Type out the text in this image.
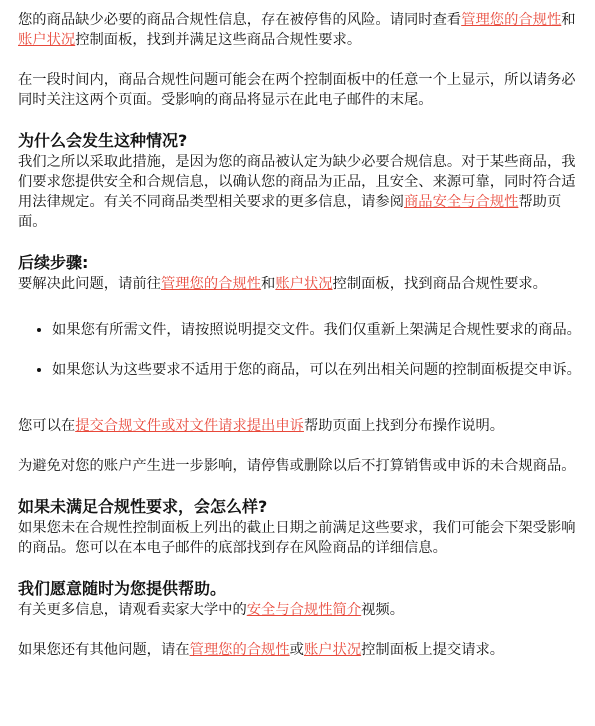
您的商品缺少必要的商品合规性信息，存在被停售的风险。请同时查看管理您的合规性和账户状况控制面板，找到并满足这些商品合规性要求。

在一段时间内，商品合规性问题可能会在两个控制面板中的任意一个上显示，所以请务必同时关注这两个页面。受影响的商品将显示在此电子邮件的末尾。

为什么会发生这种情况?

我们之所以采取此措施，是因为您的商品被认定为缺少必要合规信息。对于某些商品，我们要求您提供安全和合规信息，以确认您的商品为正品，且安全、来源可靠，同时符合适用法律规定。有关不同商品类型相关要求的更多信息，请参阅商品安全与合规性帮助页面。

后续步骤:

要解决此问题，请前往管理您的合规性和账户状况控制面板，找到商品合规性要求。

• 如果您有所需文件，请按照说明提交文件。我们仅重新上架满足合规性要求的商品。
• 如果您认为这些要求不适用于您的商品，可以在列出相关问题的控制面板提交申诉。

您可以在提交合规文件或对文件请求提出申诉帮助页面上找到分布操作说明。

为避免对您的账户产生进一步影响，请停售或删除以后不打算销售或申诉的未合规商品。

如果未满足合规性要求，会怎么样?

如果您未在合规性控制面板上列出的截止日期之前满足这些要求，我们可能会下架受影响的商品。您可以在本电子邮件的底部找到存在风险商品的详细信息。

我们愿意随时为您提供帮助。

有关更多信息，请观看卖家大学中的安全与合规性简介视频。

如果您还有其他问题，请在管理您的合规性或账户状况控制面板上提交请求。
